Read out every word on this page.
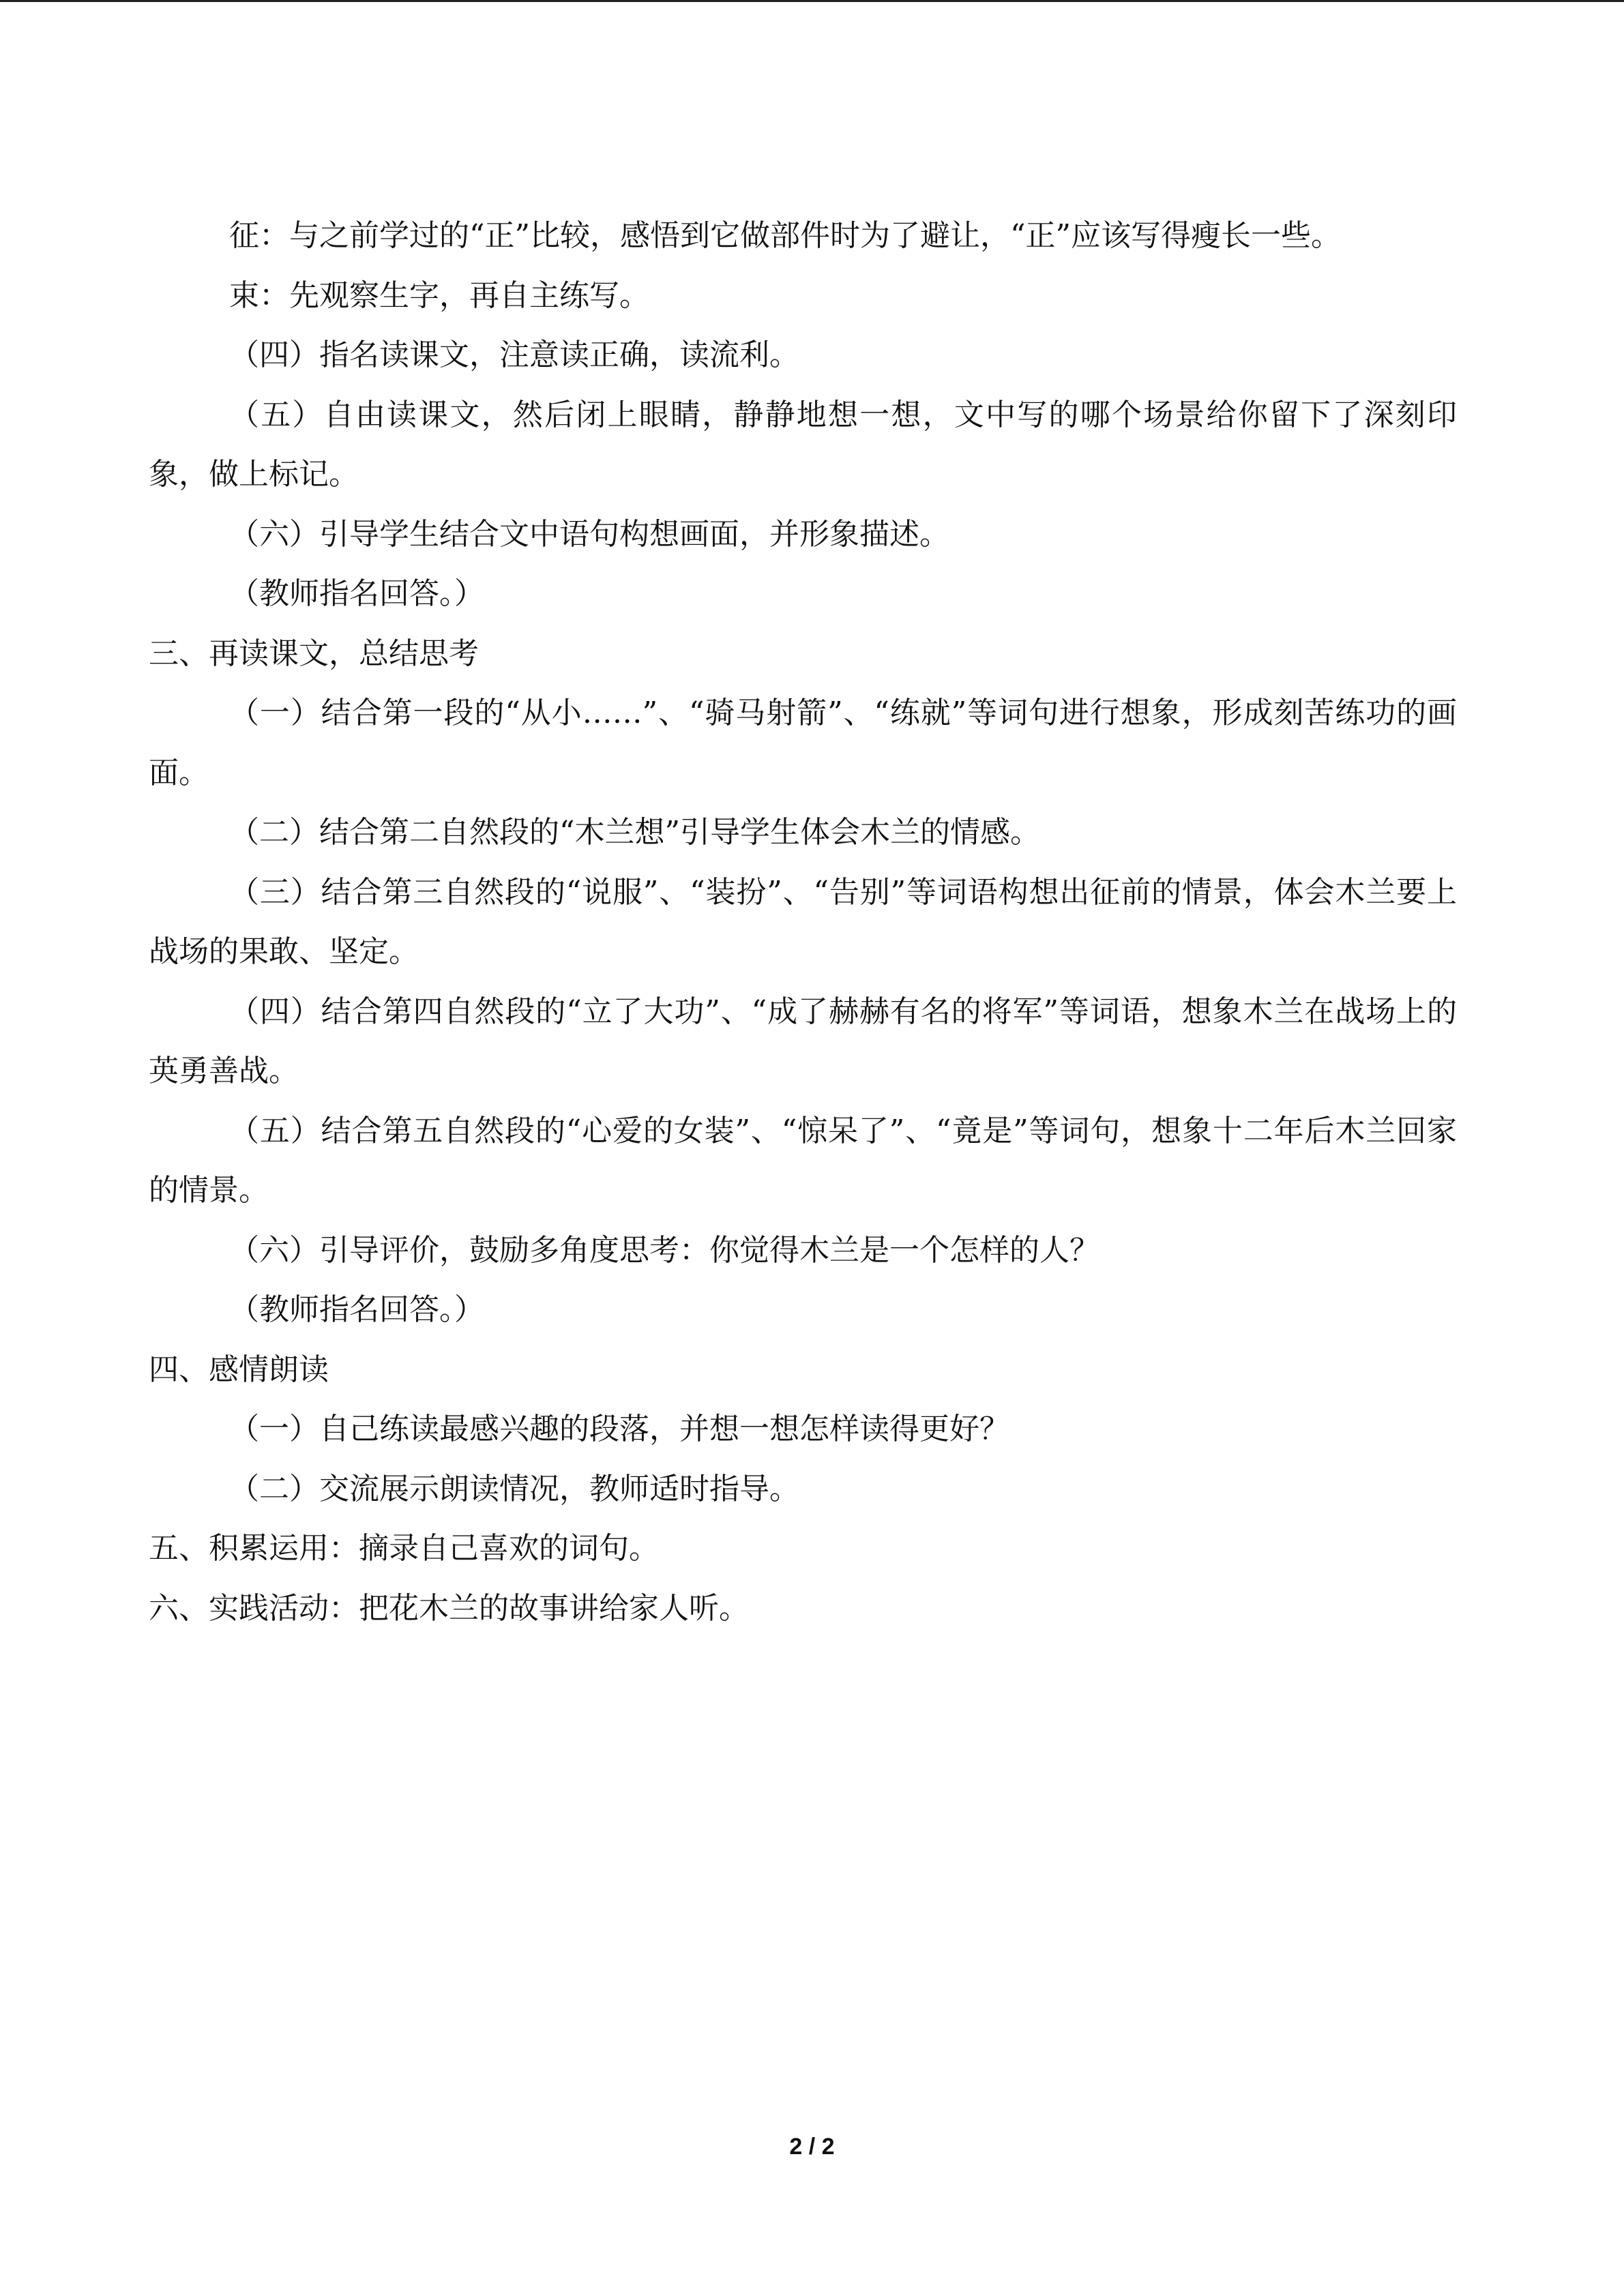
征：与之前学过的“正”比较，感悟到它做部件时为了避让，“正”应该写得瘦长一些。

束：先观察生字，再自主练写。

（四）指名读课文，注意读正确，读流利。

（五）自由读课文，然后闭上眼睛，静静地想一想，文中写的哪个场景给你留下了深刻印象，做上标记。

（六）引导学生结合文中语句构想画面，并形象描述。

（教师指名回答。）

三、再读课文，总结思考

（一）结合第一段的“从小……”、“骑马射箭”、“练就”等词句进行想象，形成刻苦练功的画面。

（二）结合第二自然段的“木兰想”引导学生体会木兰的情感。

（三）结合第三自然段的“说服”、“装扮”、“告别”等词语构想出征前的情景，体会木兰要上战场的果敢、坚定。

（四）结合第四自然段的“立了大功”、“成了赫赫有名的将军”等词语，想象木兰在战场上的英勇善战。

（五）结合第五自然段的“心爱的女装”、“惊呆了”、“竟是”等词句，想象十二年后木兰回家的情景。

（六）引导评价，鼓励多角度思考：你觉得木兰是一个怎样的人？

（教师指名回答。）

四、感情朗读

（一）自己练读最感兴趣的段落，并想一想怎样读得更好？

（二）交流展示朗读情况，教师适时指导。

五、积累运用：摘录自己喜欢的词句。

六、实践活动：把花木兰的故事讲给家人听。

2 / 2
